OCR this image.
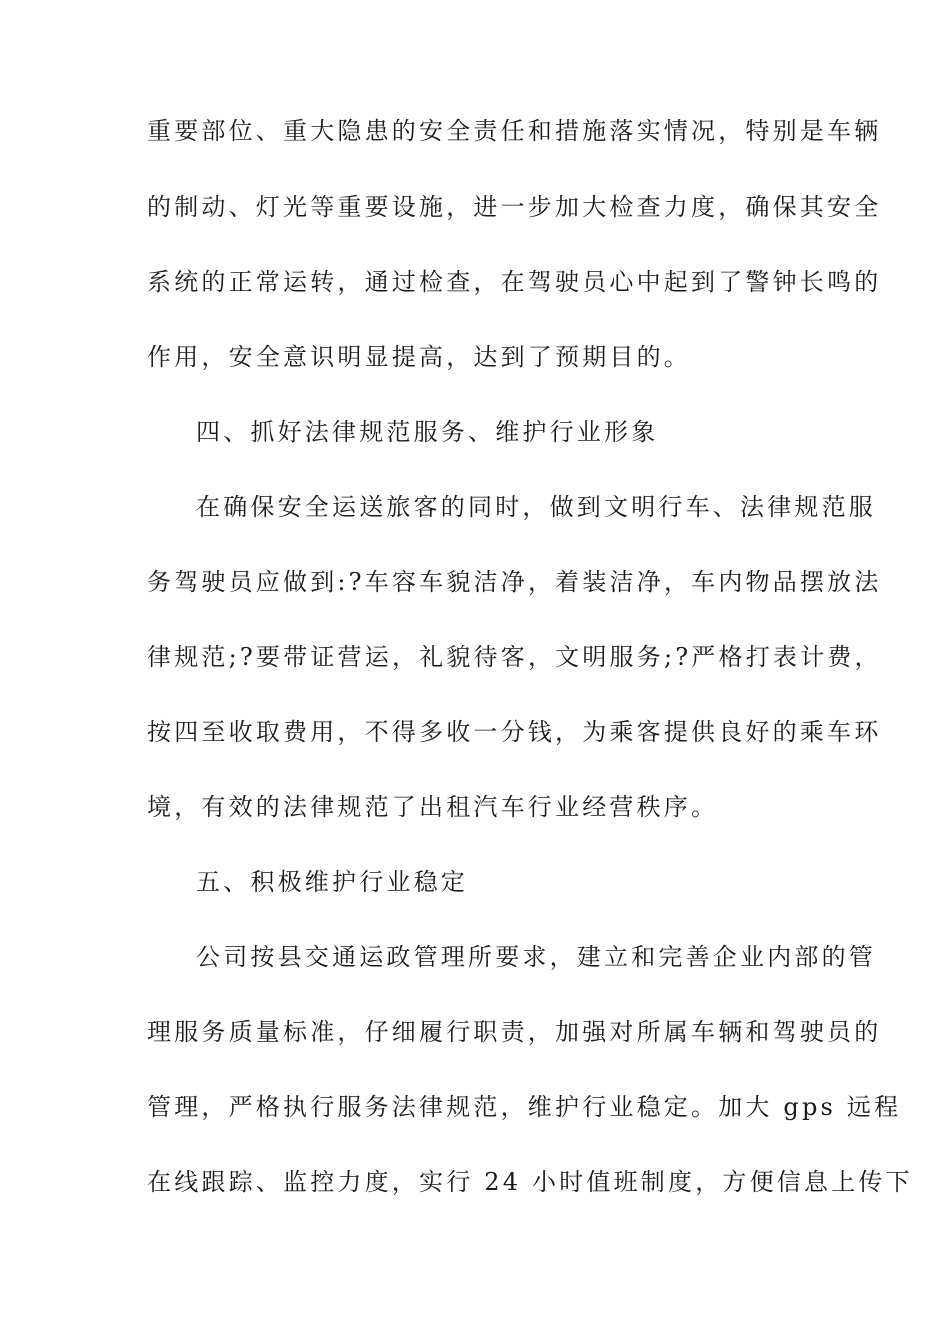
重要部位、重大隐患的安全责任和措施落实情况，特别是车辆
的制动、灯光等重要设施，进一步加大检查力度，确保其安全
系统的正常运转，通过检查，在驾驶员心中起到了警钟长鸣的
作用，安全意识明显提高，达到了预期目的。
四、抓好法律规范服务、维护行业形象
在确保安全运送旅客的同时，做到文明行车、法律规范服
务驾驶员应做到:?车容车貌洁净，着装洁净，车内物品摆放法
律规范;?要带证营运，礼貌待客，文明服务;?严格打表计费，
按四至收取费用，不得多收一分钱，为乘客提供良好的乘车环
境，有效的法律规范了出租汽车行业经营秩序。
五、积极维护行业稳定
公司按县交通运政管理所要求，建立和完善企业内部的管
理服务质量标准，仔细履行职责，加强对所属车辆和驾驶员的
管理，严格执行服务法律规范，维护行业稳定。加大 gps 远程
在线跟踪、监控力度，实行 24 小时值班制度，方便信息上传下
